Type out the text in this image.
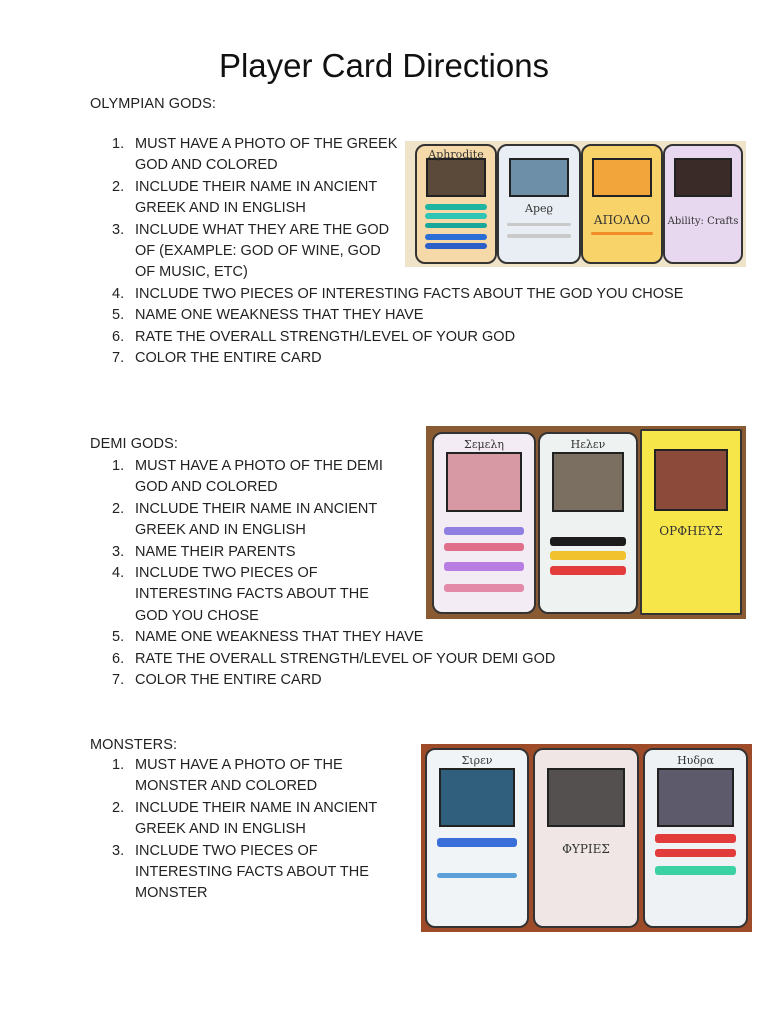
Player Card Directions
OLYMPIAN GODS:
1. MUST HAVE A PHOTO OF THE GREEK GOD AND COLORED
2. INCLUDE THEIR NAME IN ANCIENT GREEK AND IN ENGLISH
3. INCLUDE WHAT THEY ARE THE GOD OF (EXAMPLE: GOD OF WINE, GOD OF MUSIC, ETC)
4. INCLUDE TWO PIECES OF INTERESTING FACTS ABOUT THE GOD YOU CHOSE
5. NAME ONE WEAKNESS THAT THEY HAVE
6. RATE THE OVERALL STRENGTH/LEVEL OF YOUR GOD
7. COLOR THE ENTIRE CARD
Aphrodite
Apeϱ
ΑΠΟΛΛΟ	Ability: Crafts
DEMI GODS:
1. MUST HAVE A PHOTO OF THE DEMI GOD AND COLORED
2. INCLUDE THEIR NAME IN ANCIENT GREEK AND IN ENGLISH
3. NAME THEIR PARENTS
4. INCLUDE TWO PIECES OF INTERESTING FACTS ABOUT THE GOD YOU CHOSE
5. NAME ONE WEAKNESS THAT THEY HAVE
6. RATE THE OVERALL STRENGTH/LEVEL OF YOUR DEMI GOD
7. COLOR THE ENTIRE CARD
Σεμελη	Ηελεν
ΟΡΦΗΕΥΣ
MONSTERS:
1. MUST HAVE A PHOTO OF THE MONSTER AND COLORED
2. INCLUDE THEIR NAME IN ANCIENT GREEK AND IN ENGLISH
3. INCLUDE TWO PIECES OF INTERESTING FACTS ABOUT THE MONSTER
Σιρεν
ΦΥΡΙΕΣ
Ηυδρα
